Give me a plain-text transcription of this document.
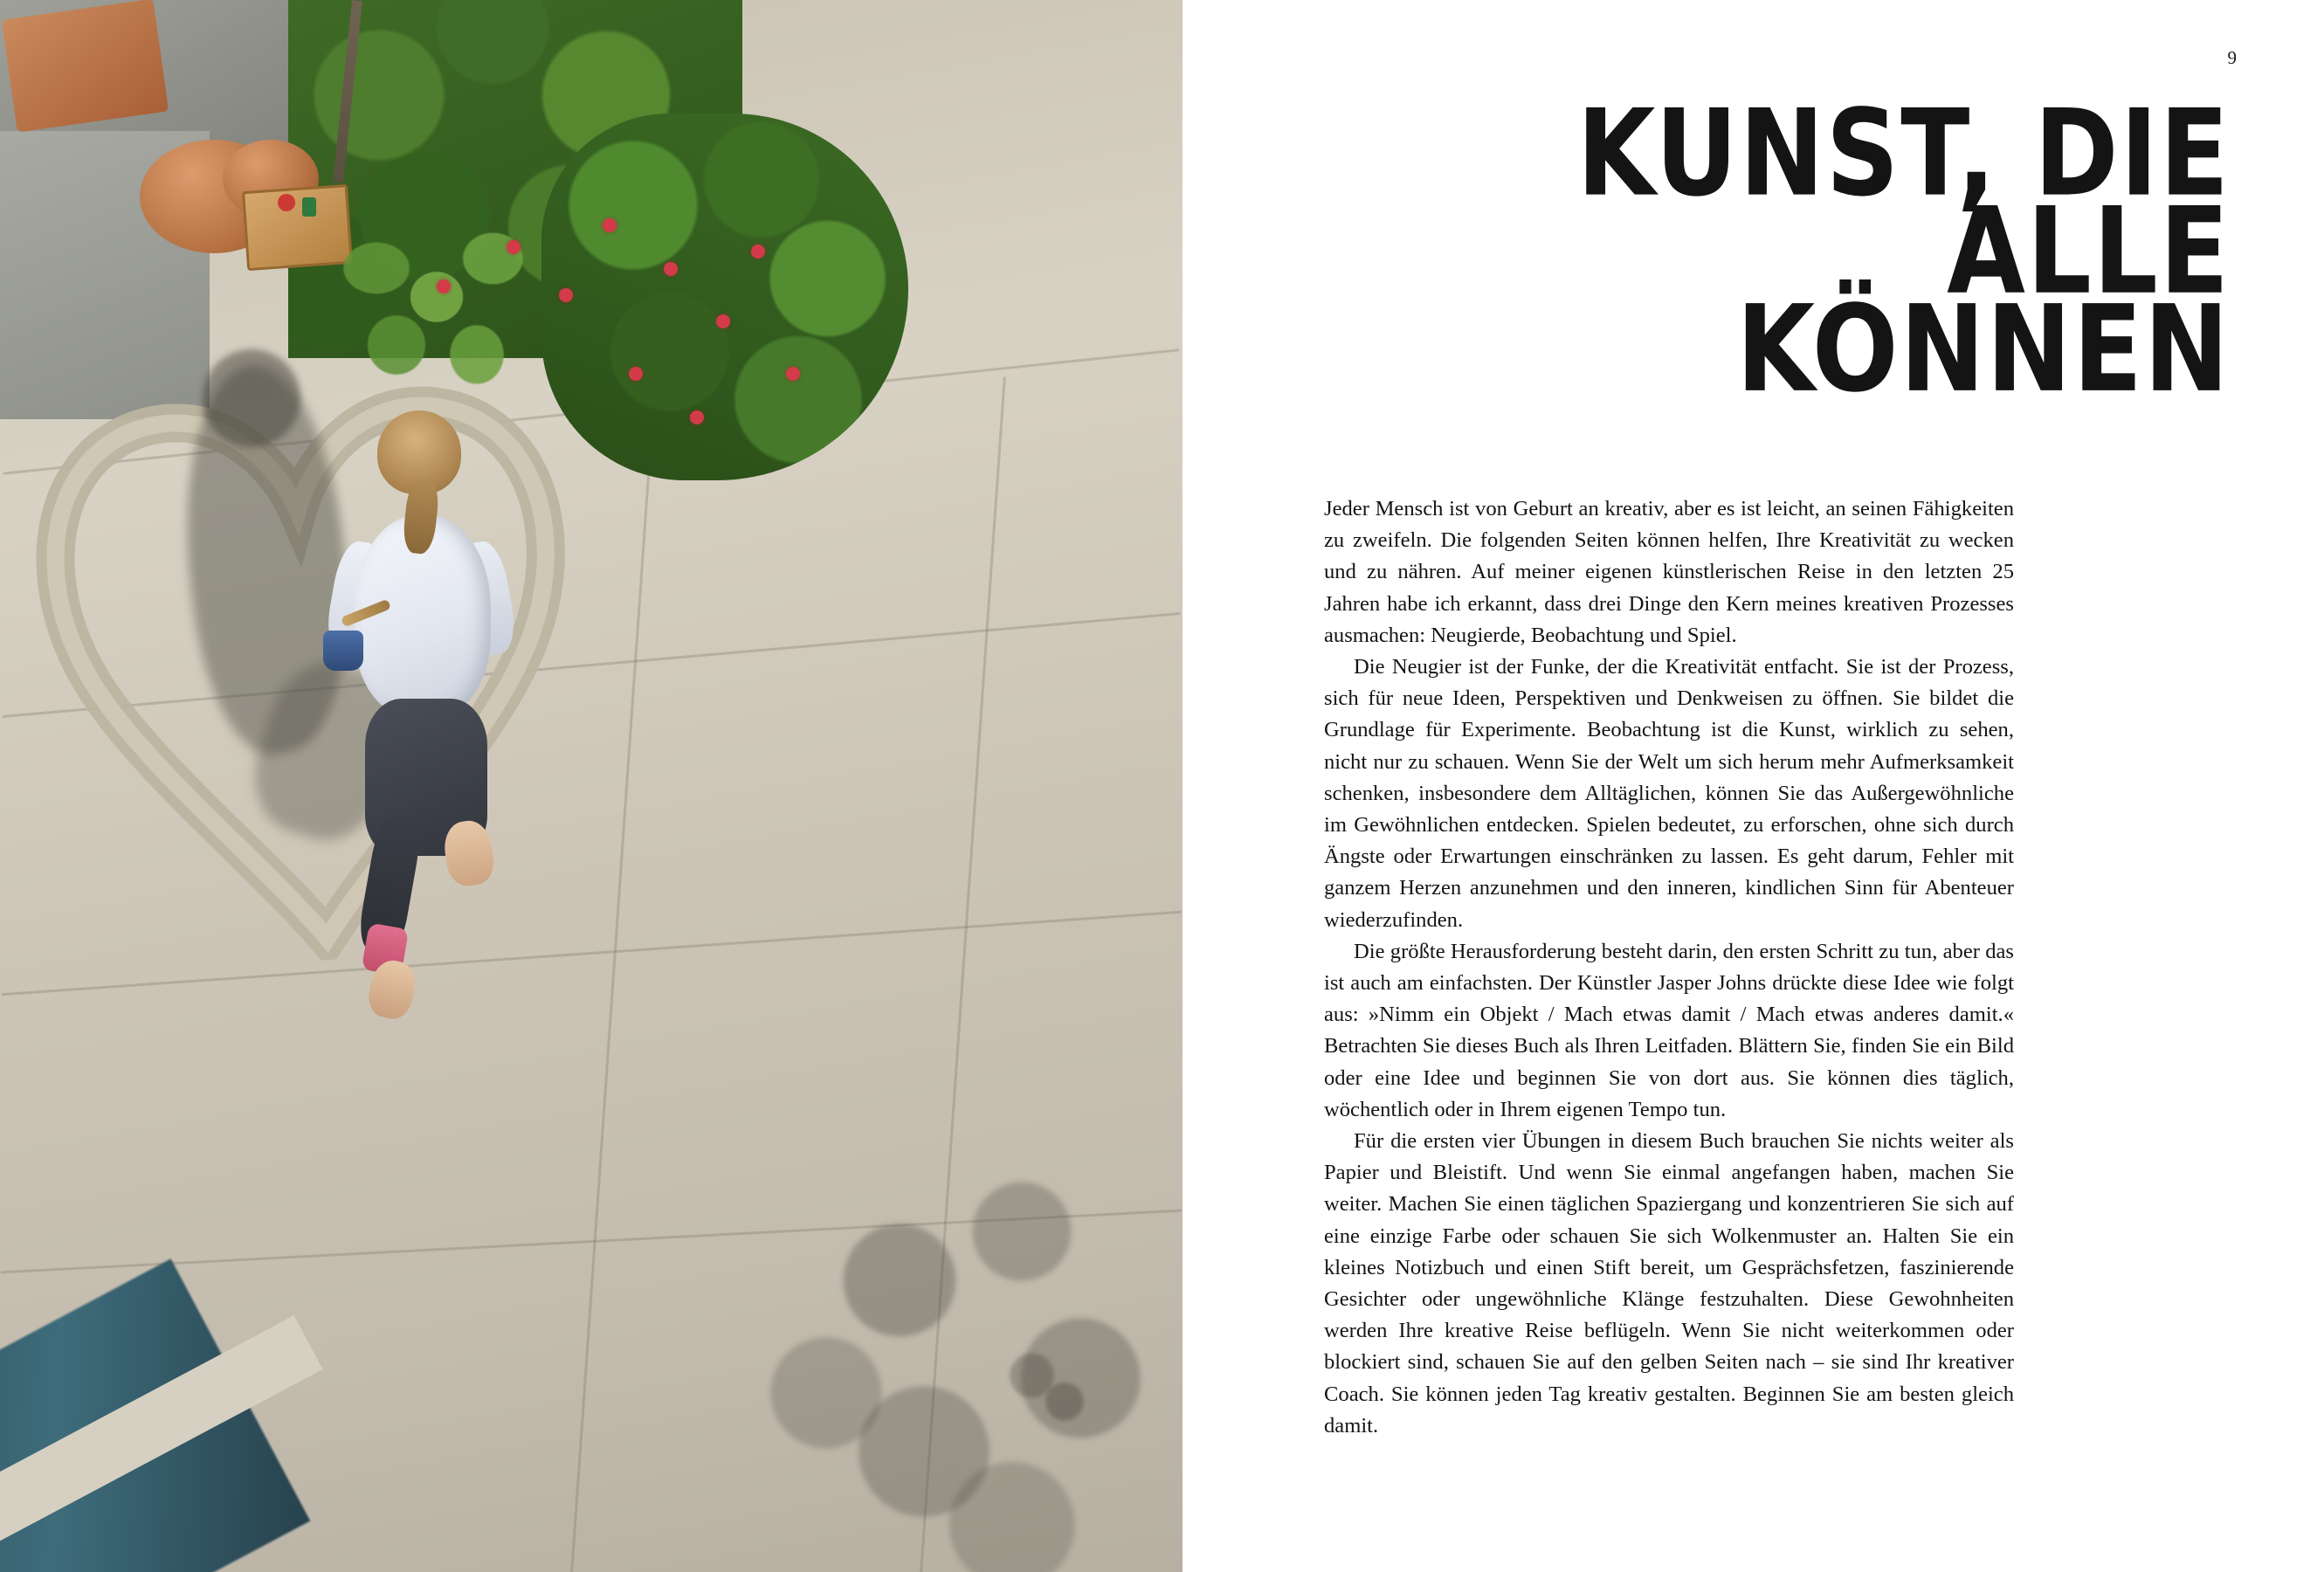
9
KUNST, DIE ALLE
KÖNNEN

Jeder Mensch ist von Geburt an kreativ, aber es ist leicht, an seinen Fähigkeiten zu zweifeln. Die folgenden Seiten können helfen, Ihre Kreativität zu wecken und zu nähren. Auf meiner eigenen künstlerischen Reise in den letzten 25 Jahren habe ich erkannt, dass drei Dinge den Kern meines kreativen Prozesses ausmachen: Neugierde, Beobachtung und Spiel.

Die Neugier ist der Funke, der die Kreativität entfacht. Sie ist der Prozess, sich für neue Ideen, Perspektiven und Denkweisen zu öffnen. Sie bildet die Grundlage für Experimente. Beobachtung ist die Kunst, wirklich zu sehen, nicht nur zu schauen. Wenn Sie der Welt um sich herum mehr Aufmerksamkeit schenken, insbesondere dem Alltäglichen, können Sie das Außergewöhnliche im Gewöhnlichen entdecken. Spielen bedeutet, zu erforschen, ohne sich durch Ängste oder Erwartungen einschränken zu lassen. Es geht darum, Fehler mit ganzem Herzen anzunehmen und den inneren, kindlichen Sinn für Abenteuer wiederzufinden.

Die größte Herausforderung besteht darin, den ersten Schritt zu tun, aber das ist auch am einfachsten. Der Künstler Jasper Johns drückte diese Idee wie folgt aus: »Nimm ein Objekt / Mach etwas damit / Mach etwas anderes damit.« Betrachten Sie dieses Buch als Ihren Leitfaden. Blättern Sie, finden Sie ein Bild oder eine Idee und beginnen Sie von dort aus. Sie können dies täglich, wöchentlich oder in Ihrem eigenen Tempo tun.

Für die ersten vier Übungen in diesem Buch brauchen Sie nichts weiter als Papier und Bleistift. Und wenn Sie einmal angefangen haben, machen Sie weiter. Machen Sie einen täglichen Spaziergang und konzentrieren Sie sich auf eine einzige Farbe oder schauen Sie sich Wolkenmuster an. Halten Sie ein kleines Notizbuch und einen Stift bereit, um Gesprächsfetzen, faszinierende Gesichter oder ungewöhnliche Klänge festzuhalten. Diese Gewohnheiten werden Ihre kreative Reise beflügeln. Wenn Sie nicht weiterkommen oder blockiert sind, schauen Sie auf den gelben Seiten nach – sie sind Ihr kreativer Coach. Sie können jeden Tag kreativ gestalten. Beginnen Sie am besten gleich damit.
